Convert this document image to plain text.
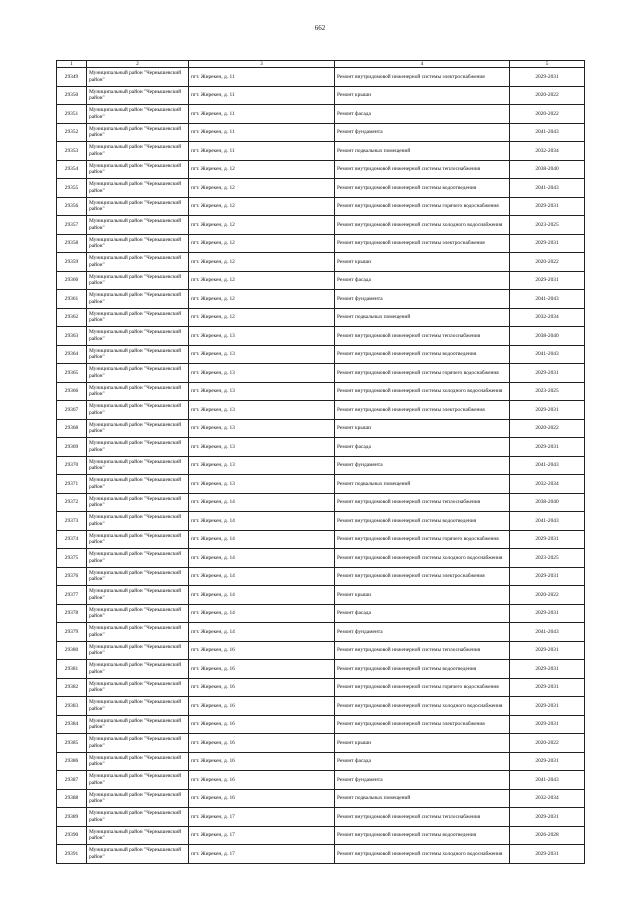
662
1	2	3	4	5
29349	Муниципальный район "Чернышевский район"	пгт. Жирекен, д. 11	Ремонт внутридомовой инженерной системы электроснабжения	2029-2031
29350	Муниципальный район "Чернышевский район"	пгт. Жирекен, д. 11	Ремонт крыши	2020-2022
29351	Муниципальный район "Чернышевский район"	пгт. Жирекен, д. 11	Ремонт фасада	2020-2022
29352	Муниципальный район "Чернышевский район"	пгт. Жирекен, д. 11	Ремонт фундамента	2041-2043
29353	Муниципальный район "Чернышевский район"	пгт. Жирекен, д. 11	Ремонт подвальных помещений	2032-2034
29354	Муниципальный район "Чернышевский район"	пгт. Жирекен, д. 12	Ремонт внутридомовой инженерной системы теплоснабжения	2038-2040
29355	Муниципальный район "Чернышевский район"	пгт. Жирекен, д. 12	Ремонт внутридомовой инженерной системы водоотведения	2041-2043
29356	Муниципальный район "Чернышевский район"	пгт. Жирекен, д. 12	Ремонт внутридомовой инженерной системы горячего водоснабжения	2029-2031
29357	Муниципальный район "Чернышевский район"	пгт. Жирекен, д. 12	Ремонт внутридомовой инженерной системы холодного водоснабжения	2023-2025
29358	Муниципальный район "Чернышевский район"	пгт. Жирекен, д. 12	Ремонт внутридомовой инженерной системы электроснабжения	2029-2031
29359	Муниципальный район "Чернышевский район"	пгт. Жирекен, д. 12	Ремонт крыши	2020-2022
29360	Муниципальный район "Чернышевский район"	пгт. Жирекен, д. 12	Ремонт фасада	2029-2031
29361	Муниципальный район "Чернышевский район"	пгт. Жирекен, д. 12	Ремонт фундамента	2041-2043
29362	Муниципальный район "Чернышевский район"	пгт. Жирекен, д. 12	Ремонт подвальных помещений	2032-2034
29363	Муниципальный район "Чернышевский район"	пгт. Жирекен, д. 13	Ремонт внутридомовой инженерной системы теплоснабжения	2038-2040
29364	Муниципальный район "Чернышевский район"	пгт. Жирекен, д. 13	Ремонт внутридомовой инженерной системы водоотведения	2041-2043
29365	Муниципальный район "Чернышевский район"	пгт. Жирекен, д. 13	Ремонт внутридомовой инженерной системы горячего водоснабжения	2029-2031
29366	Муниципальный район "Чернышевский район"	пгт. Жирекен, д. 13	Ремонт внутридомовой инженерной системы холодного водоснабжения	2023-2025
29367	Муниципальный район "Чернышевский район"	пгт. Жирекен, д. 13	Ремонт внутридомовой инженерной системы электроснабжения	2029-2031
29368	Муниципальный район "Чернышевский район"	пгт. Жирекен, д. 13	Ремонт крыши	2020-2022
29369	Муниципальный район "Чернышевский район"	пгт. Жирекен, д. 13	Ремонт фасада	2029-2031
29370	Муниципальный район "Чернышевский район"	пгт. Жирекен, д. 13	Ремонт фундамента	2041-2043
29371	Муниципальный район "Чернышевский район"	пгт. Жирекен, д. 13	Ремонт подвальных помещений	2032-2034
29372	Муниципальный район "Чернышевский район"	пгт. Жирекен, д. 14	Ремонт внутридомовой инженерной системы теплоснабжения	2038-2040
29373	Муниципальный район "Чернышевский район"	пгт. Жирекен, д. 14	Ремонт внутридомовой инженерной системы водоотведения	2041-2043
29374	Муниципальный район "Чернышевский район"	пгт. Жирекен, д. 14	Ремонт внутридомовой инженерной системы горячего водоснабжения	2029-2031
29375	Муниципальный район "Чернышевский район"	пгт. Жирекен, д. 14	Ремонт внутридомовой инженерной системы холодного водоснабжения	2023-2025
29376	Муниципальный район "Чернышевский район"	пгт. Жирекен, д. 14	Ремонт внутридомовой инженерной системы электроснабжения	2029-2031
29377	Муниципальный район "Чернышевский район"	пгт. Жирекен, д. 14	Ремонт крыши	2020-2022
29378	Муниципальный район "Чернышевский район"	пгт. Жирекен, д. 14	Ремонт фасада	2029-2031
29379	Муниципальный район "Чернышевский район"	пгт. Жирекен, д. 14	Ремонт фундамента	2041-2043
29380	Муниципальный район "Чернышевский район"	пгт. Жирекен, д. 16	Ремонт внутридомовой инженерной системы теплоснабжения	2029-2031
29381	Муниципальный район "Чернышевский район"	пгт. Жирекен, д. 16	Ремонт внутридомовой инженерной системы водоотведения	2029-2031
29382	Муниципальный район "Чернышевский район"	пгт. Жирекен, д. 16	Ремонт внутридомовой инженерной системы горячего водоснабжения	2029-2031
29383	Муниципальный район "Чернышевский район"	пгт. Жирекен, д. 16	Ремонт внутридомовой инженерной системы холодного водоснабжения	2029-2031
29384	Муниципальный район "Чернышевский район"	пгт. Жирекен, д. 16	Ремонт внутридомовой инженерной системы электроснабжения	2029-2031
29385	Муниципальный район "Чернышевский район"	пгт. Жирекен, д. 16	Ремонт крыши	2020-2022
29386	Муниципальный район "Чернышевский район"	пгт. Жирекен, д. 16	Ремонт фасада	2029-2031
29387	Муниципальный район "Чернышевский район"	пгт. Жирекен, д. 16	Ремонт фундамента	2041-2043
29388	Муниципальный район "Чернышевский район"	пгт. Жирекен, д. 16	Ремонт подвальных помещений	2032-2034
29389	Муниципальный район "Чернышевский район"	пгт. Жирекен, д. 17	Ремонт внутридомовой инженерной системы теплоснабжения	2029-2031
29390	Муниципальный район "Чернышевский район"	пгт. Жирекен, д. 17	Ремонт внутридомовой инженерной системы водоотведения	2026-2028
29391	Муниципальный район "Чернышевский район"	пгт. Жирекен, д. 17	Ремонт внутридомовой инженерной системы холодного водоснабжения	2029-2031
